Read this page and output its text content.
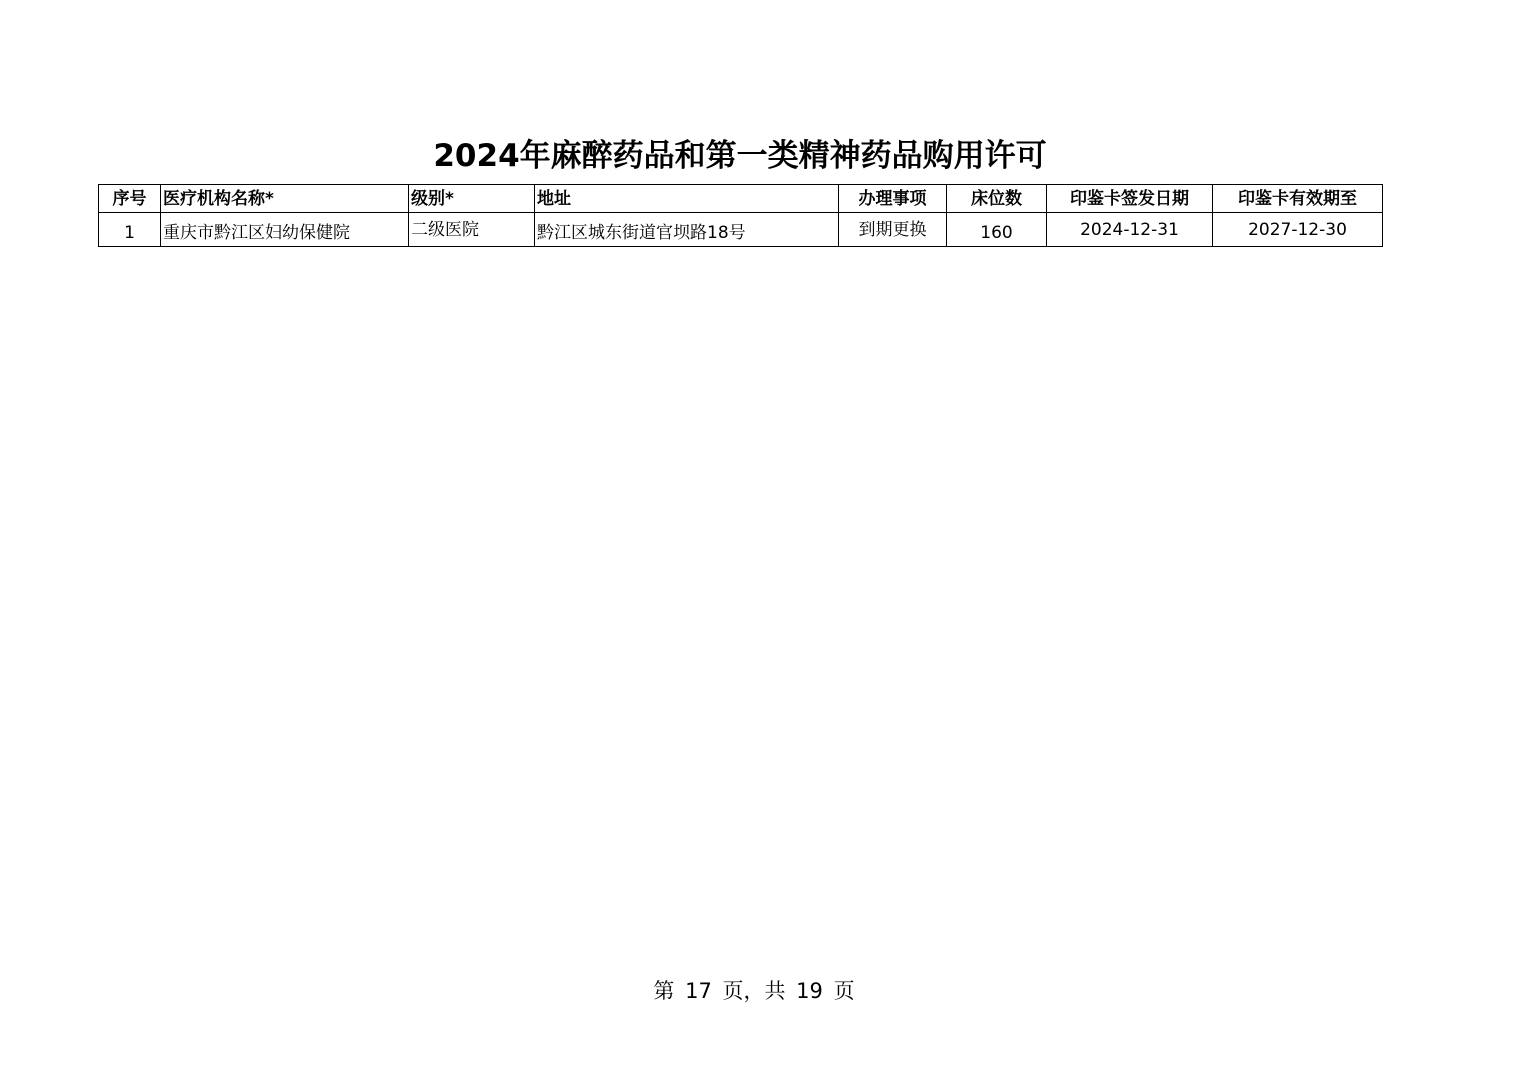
2024年麻醉药品和第一类精神药品购用许可
序号	医疗机构名称*	级别*	地址	办理事项	床位数	印鉴卡签发日期	印鉴卡有效期至
1	重庆市黔江区妇幼保健院	二级医院	黔江区城东街道官坝路18号	到期更换	160	2024-12-31	2027-12-30
第 17 页，共 19 页
